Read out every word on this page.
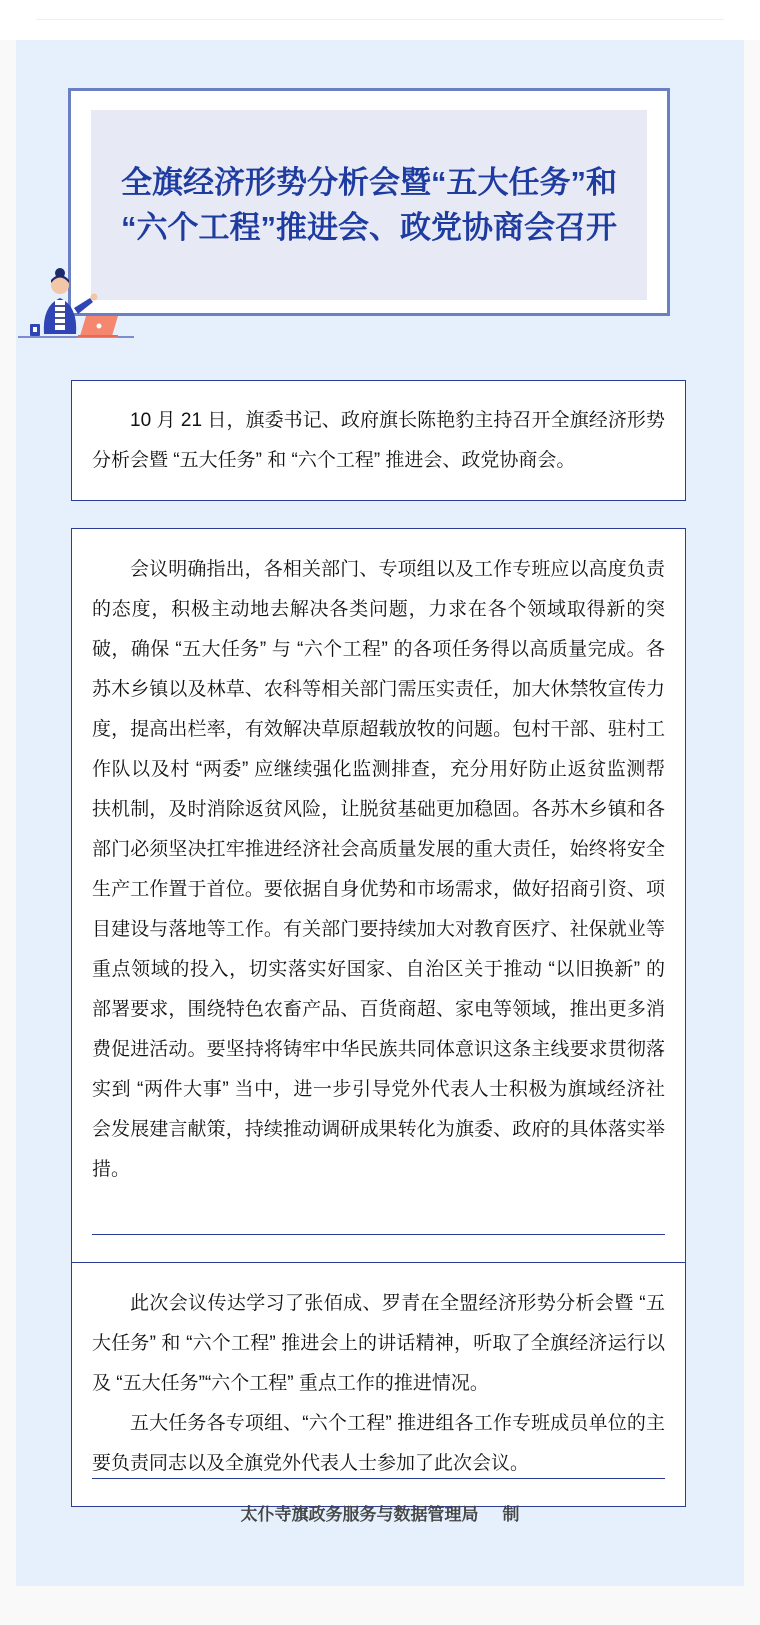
全旗经济形势分析会暨“五大任务”和
“六个工程”推进会、政党协商会召开

10 月 21 日，旗委书记、政府旗长陈艳豹主持召开全旗经济形势分析会暨 “五大任务” 和 “六个工程” 推进会、政党协商会。

会议明确指出，各相关部门、专项组以及工作专班应以高度负责的态度，积极主动地去解决各类问题，力求在各个领域取得新的突破，确保 “五大任务” 与 “六个工程” 的各项任务得以高质量完成。各苏木乡镇以及林草、农科等相关部门需压实责任，加大休禁牧宣传力度，提高出栏率，有效解决草原超载放牧的问题。包村干部、驻村工作队以及村 “两委” 应继续强化监测排查，充分用好防止返贫监测帮扶机制，及时消除返贫风险，让脱贫基础更加稳固。各苏木乡镇和各部门必须坚决扛牢推进经济社会高质量发展的重大责任，始终将安全生产工作置于首位。要依据自身优势和市场需求，做好招商引资、项目建设与落地等工作。有关部门要持续加大对教育医疗、社保就业等重点领域的投入，切实落实好国家、自治区关于推动 “以旧换新” 的部署要求，围绕特色农畜产品、百货商超、家电等领域，推出更多消费促进活动。要坚持将铸牢中华民族共同体意识这条主线要求贯彻落实到 “两件大事” 当中，进一步引导党外代表人士积极为旗域经济社会发展建言献策，持续推动调研成果转化为旗委、政府的具体落实举措。

此次会议传达学习了张佰成、罗青在全盟经济形势分析会暨 “五大任务” 和 “六个工程” 推进会上的讲话精神，听取了全旗经济运行以及 “五大任务”“六个工程” 重点工作的推进情况。

五大任务各专项组、“六个工程” 推进组各工作专班成员单位的主要负责同志以及全旗党外代表人士参加了此次会议。

太仆寺旗政务服务与数据管理局 制
